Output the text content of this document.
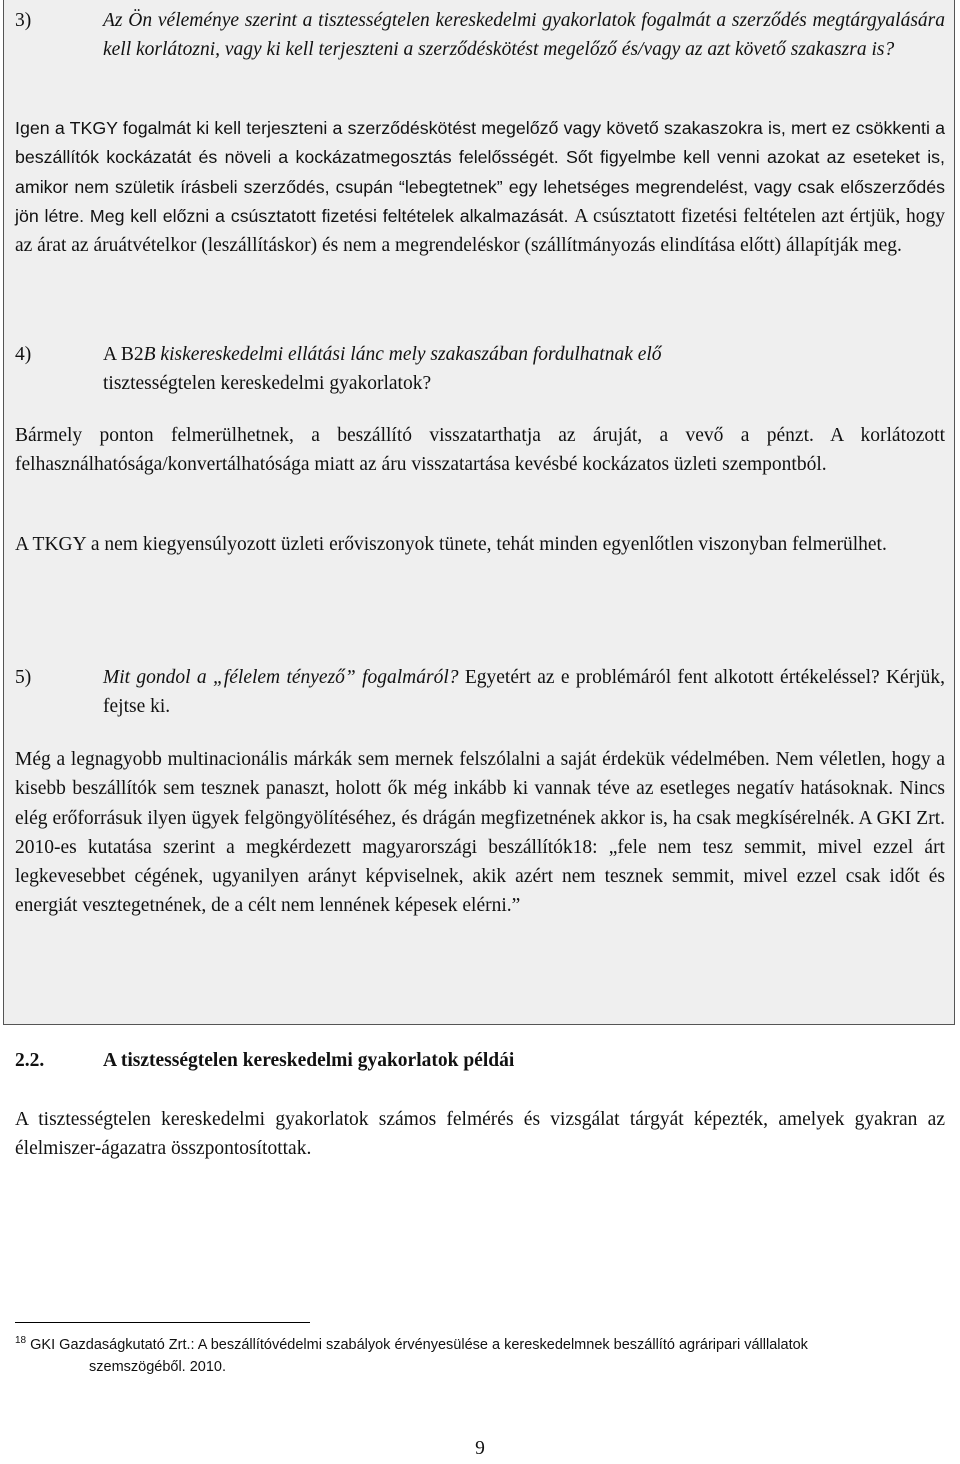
3)	Az Ön véleménye szerint a tisztességtelen kereskedelmi gyakorlatok fogalmát a szerződés megtárgyalására kell korlátozni, vagy ki kell terjeszteni a szerződéskötést megelőző és/vagy az azt követő szakaszra is?

Igen a TKGY fogalmát ki kell terjeszteni a szerződéskötést megelőző vagy követő szakaszokra is, mert ez csökkenti a beszállítók kockázatát és növeli a kockázatmegosztás felelősségét. Sőt figyelmbe kell venni azokat az eseteket is, amikor nem születik írásbeli szerződés, csupán “lebegtetnek” egy lehetséges megrendelést, vagy csak előszerződés jön létre. Meg kell előzni a csúsztatott fizetési feltételek alkalmazását. A csúsztatott fizetési feltételen azt értjük, hogy az árat az áruátvételkor (leszállításkor) és nem a megrendeléskor (szállítmányozás elindítása előtt) állapítják meg.

4)	A B2B kiskereskedelmi ellátási lánc mely szakaszában fordulhatnak elő
tisztességtelen kereskedelmi gyakorlatok?

Bármely ponton felmerülhetnek, a beszállító visszatarthatja az áruját, a vevő a pénzt. A korlátozott felhasználhatósága/konvertálhatósága miatt az áru visszatartása kevésbé kockázatos üzleti szempontból.

A TKGY a nem kiegyensúlyozott üzleti erőviszonyok tünete, tehát minden egyenlőtlen viszonyban felmerülhet.

5)	Mit gondol a „félelem tényező” fogalmáról? Egyetért az e problémáról fent alkotott értékeléssel? Kérjük, fejtse ki.

Még a legnagyobb multinacionális márkák sem mernek felszólalni a saját érdekük védelmében. Nem véletlen, hogy a kisebb beszállítók sem tesznek panaszt, holott ők még inkább ki vannak téve az esetleges negatív hatásoknak. Nincs elég erőforrásuk ilyen ügyek felgöngyölítéséhez, és drágán megfizetnének akkor is, ha csak megkísérelnék. A GKI Zrt. 2010-es kutatása szerint a megkérdezett magyarországi beszállítók18: „fele nem tesz semmit, mivel ezzel árt legkevesebbet cégének, ugyanilyen arányt képviselnek, akik azért nem tesznek semmit, mivel ezzel csak időt és energiát vesztegetnének, de a célt nem lennének képesek elérni.”

2.2.	A tisztességtelen kereskedelmi gyakorlatok példái

A tisztességtelen kereskedelmi gyakorlatok számos felmérés és vizsgálat tárgyát képezték, amelyek gyakran az élelmiszer-ágazatra összpontosítottak.

$^{18}$ GKI Gazdaságkutató Zrt.: A beszállítóvédelmi szabályok érvényesülése a kereskedelmnek beszállító agráripari válllalatok
szemszögéből. 2010.
9
